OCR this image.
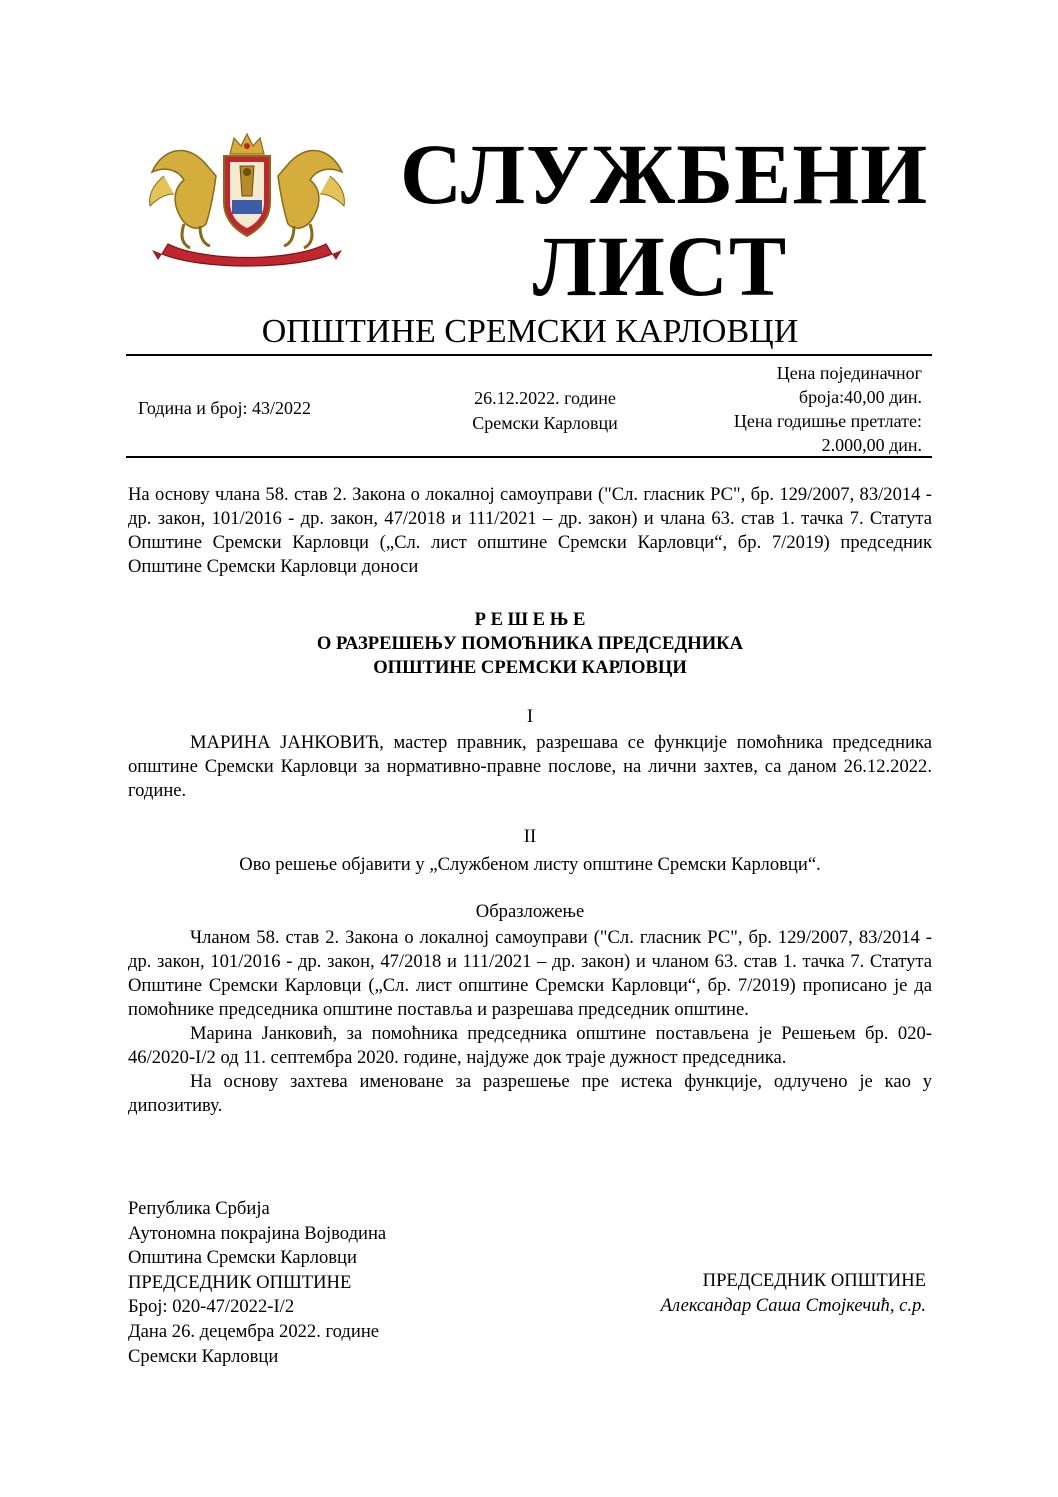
СЛУЖБЕНИ
ЛИСТ
ОПШТИНЕ СРЕМСКИ КАРЛОВЦИ
Година и број: 43/2022	26.12.2022. године
Сремски Карловци
Цена појединачног
броја:40,00 дин.
Цена годишње претлате:
2.000,00 дин.
На основу члана 58. став 2. Закона о локалној самоуправи ("Сл. гласник РС", бр. 129/2007, 83/2014 - др. закон, 101/2016 - др. закон, 47/2018 и 111/2021 – др. закон) и члана 63. став 1. тачка 7. Статута Општине Сремски Карловци („Сл. лист општине Сремски Карловци“, бр. 7/2019) председник Општине Сремски Карловци доноси
Р Е Ш Е Њ Е
О РАЗРЕШЕЊУ ПОМОЋНИКА ПРЕДСЕДНИКА
ОПШТИНЕ СРЕМСКИ КАРЛОВЦИ
I
МАРИНА ЈАНКОВИЋ, мастер правник, разрешава се функције помоћника председника општине Сремски Карловци за нормативно-правне послове, на лични захтев, са даном 26.12.2022. године.
II
Ово решење објавити у „Службеном листу општине Сремски Карловци“.
Образложење

Чланом 58. став 2. Закона о локалној самоуправи ("Сл. гласник РС", бр. 129/2007, 83/2014 - др. закон, 101/2016 - др. закон, 47/2018 и 111/2021 – др. закон) и чланом 63. став 1. тачка 7. Статута Општине Сремски Карловци („Сл. лист општине Сремски Карловци“, бр. 7/2019) прописано је да помоћнике председника општине поставља и разрешава председник општине.

Марина Јанковић, за помоћника председника општине постављена је Решењем бр. 020-46/2020-I/2 од 11. септембра 2020. године, најдуже док траје дужност председника.

На основу захтева именоване за разрешење пре истека функције, одлучено је као у дипозитиву.

Република Србија
Аутономна покрајина Војводина
Општина Сремски Карловци
ПРЕДСЕДНИК ОПШТИНЕ
Број: 020-47/2022-I/2
Дана 26. децембра 2022. године
Сремски Карловци
ПРЕДСЕДНИК ОПШТИНЕ
Александар Саша Стојкечић, с.р.
